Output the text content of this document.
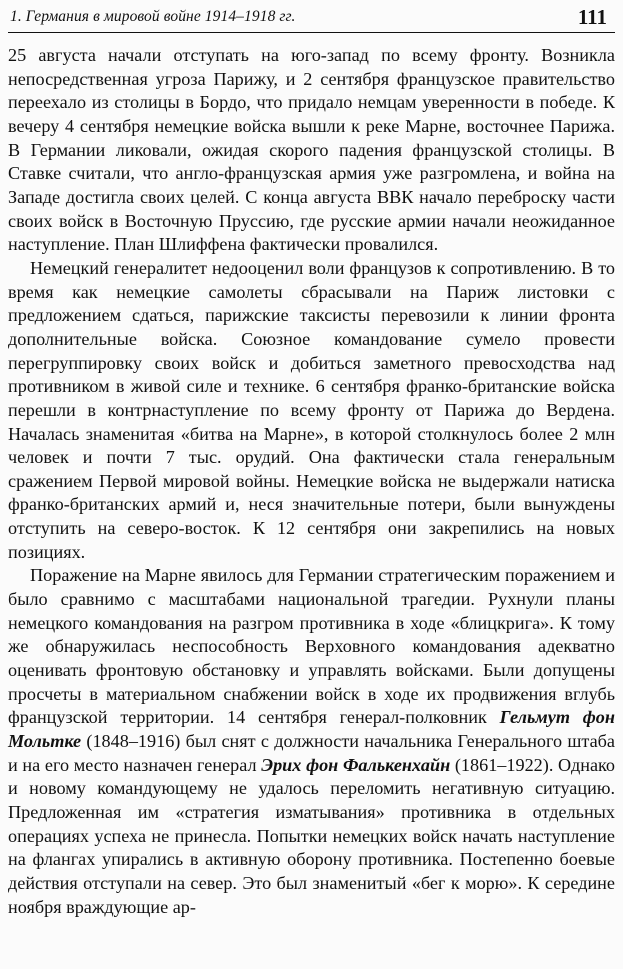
1. Германия в мировой войне 1914–1918 гг.	111

25 августа начали отступать на юго-запад по всему фронту. Возникла непосредственная угроза Парижу, и 2 сентября французское правительство переехало из столицы в Бордо, что придало немцам уверенности в победе. К вечеру 4 сентября немецкие войска вышли к реке Марне, восточнее Парижа. В Германии ликовали, ожидая скорого падения французской столицы. В Ставке считали, что англо-французская армия уже разгромлена, и война на Западе достигла своих целей. С конца августа ВВК начало переброску части своих войск в Восточную Пруссию, где русские армии начали неожиданное наступление. План Шлиффена фактически провалился.

Немецкий генералитет недооценил воли французов к сопротивлению. В то время как немецкие самолеты сбрасывали на Париж листовки с предложением сдаться, парижские таксисты перевозили к линии фронта дополнительные войска. Союзное командование сумело провести перегруппировку своих войск и добиться заметного превосходства над противником в живой силе и технике. 6 сентября франко-британские войска перешли в контрнаступление по всему фронту от Парижа до Вердена. Началась знаменитая «битва на Марне», в которой столкнулось более 2 млн человек и почти 7 тыс. орудий. Она фактически стала генеральным сражением Первой мировой войны. Немецкие войска не выдержали натиска франко-британских армий и, неся значительные потери, были вынуждены отступить на северо-восток. К 12 сентября они закрепились на новых позициях.

Поражение на Марне явилось для Германии стратегическим поражением и было сравнимо с масштабами национальной трагедии. Рухнули планы немецкого командования на разгром противника в ходе «блицкрига». К тому же обнаружилась неспособность Верховного командования адекватно оценивать фронтовую обстановку и управлять войсками. Были допущены просчеты в материальном снабжении войск в ходе их продвижения вглубь французской территории. 14 сентября генерал-полковник Гельмут фон Мольтке (1848–1916) был снят с должности начальника Генерального штаба и на его место назначен генерал Эрих фон Фалькенхайн (1861–1922). Однако и новому командующему не удалось переломить негативную ситуацию. Предложенная им «стратегия изматывания» противника в отдельных операциях успеха не принесла. Попытки немецких войск начать наступление на флангах упирались в активную оборону противника. Постепенно боевые действия отступали на север. Это был знаменитый «бег к морю». К середине ноября враждующие ар-
